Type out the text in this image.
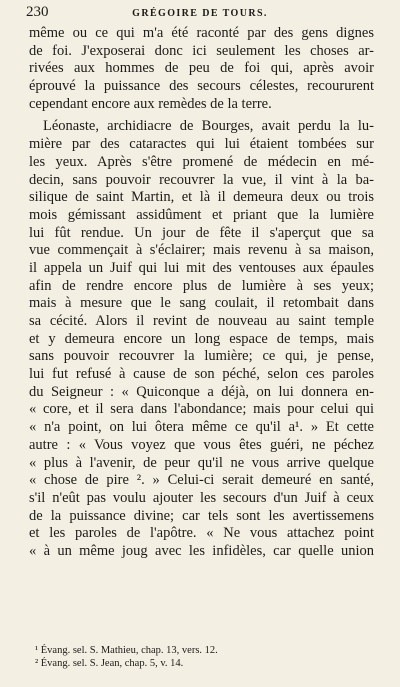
230	GRÉGOIRE DE TOURS.
même ou ce qui m'a été raconté par des gens dignes
de foi. J'exposerai donc ici seulement les choses ar-
rivées aux hommes de peu de foi qui, après avoir
éprouvé la puissance des secours célestes, recoururent
cependant encore aux remèdes de la terre.
Léonaste, archidiacre de Bourges, avait perdu la lu-
mière par des cataractes qui lui étaient tombées sur
les yeux. Après s'être promené de médecin en mé-
decin, sans pouvoir recouvrer la vue, il vint à la ba-
silique de saint Martin, et là il demeura deux ou trois
mois gémissant assidûment et priant que la lumière
lui fût rendue. Un jour de fête il s'aperçut que sa
vue commençait à s'éclairer; mais revenu à sa maison,
il appela un Juif qui lui mit des ventouses aux épaules
afin de rendre encore plus de lumière à ses yeux;
mais à mesure que le sang coulait, il retombait dans
sa cécité. Alors il revint de nouveau au saint temple
et y demeura encore un long espace de temps, mais
sans pouvoir recouvrer la lumière; ce qui, je pense,
lui fut refusé à cause de son péché, selon ces paroles
du Seigneur : « Quiconque a déjà, on lui donnera en-
« core, et il sera dans l'abondance; mais pour celui qui
« n'a point, on lui ôtera même ce qu'il a¹. » Et cette
autre : « Vous voyez que vous êtes guéri, ne péchez
« plus à l'avenir, de peur qu'il ne vous arrive quelque
« chose de pire ². » Celui-ci serait demeuré en santé,
s'il n'eût pas voulu ajouter les secours d'un Juif à ceux
de la puissance divine; car tels sont les avertissemens
et les paroles de l'apôtre. « Ne vous attachez point
« à un même joug avec les infidèles, car quelle union
¹ Évang. sel. S. Mathieu, chap. 13, vers. 12.
² Évang. sel. S. Jean, chap. 5, v. 14.
